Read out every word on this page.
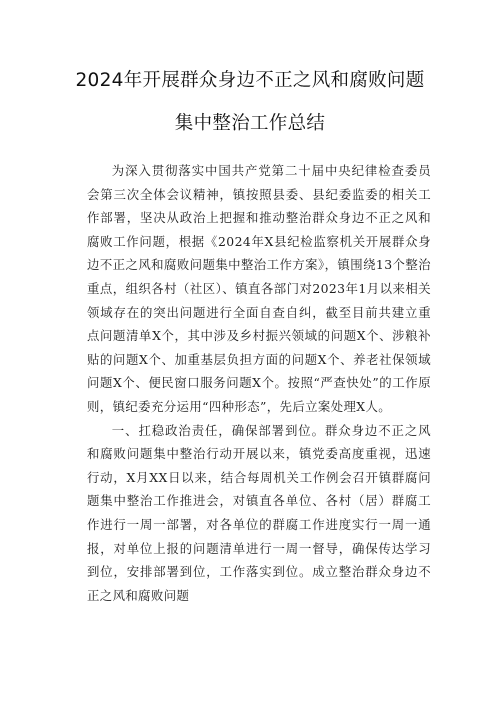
2024年开展群众身边不正之风和腐败问题
集中整治工作总结

为深入贯彻落实中国共产党第二十届中央纪律检查委员会第三次全体会议精神，镇按照县委、县纪委监委的相关工作部署，坚决从政治上把握和推动整治群众身边不正之风和腐败工作问题，根据《2024年X县纪检监察机关开展群众身边不正之风和腐败问题集中整治工作方案》，镇围绕13个整治重点，组织各村（社区）、镇直各部门对2023年1月以来相关领域存在的突出问题进行全面自查自纠，截至目前共建立重点问题清单X个，其中涉及乡村振兴领域的问题X个、涉粮补贴的问题X个、加重基层负担方面的问题X个、养老社保领域问题X个、便民窗口服务问题X个。按照“严查快处”的工作原则，镇纪委充分运用“四种形态”，先后立案处理X人。

一、扛稳政治责任，确保部署到位。群众身边不正之风和腐败问题集中整治行动开展以来，镇党委高度重视，迅速行动，X月XX日以来，结合每周机关工作例会召开镇群腐问题集中整治工作推进会，对镇直各单位、各村（居）群腐工作进行一周一部署，对各单位的群腐工作进度实行一周一通报，对单位上报的问题清单进行一周一督导，确保传达学习到位，安排部署到位，工作落实到位。成立整治群众身边不正之风和腐败问题
